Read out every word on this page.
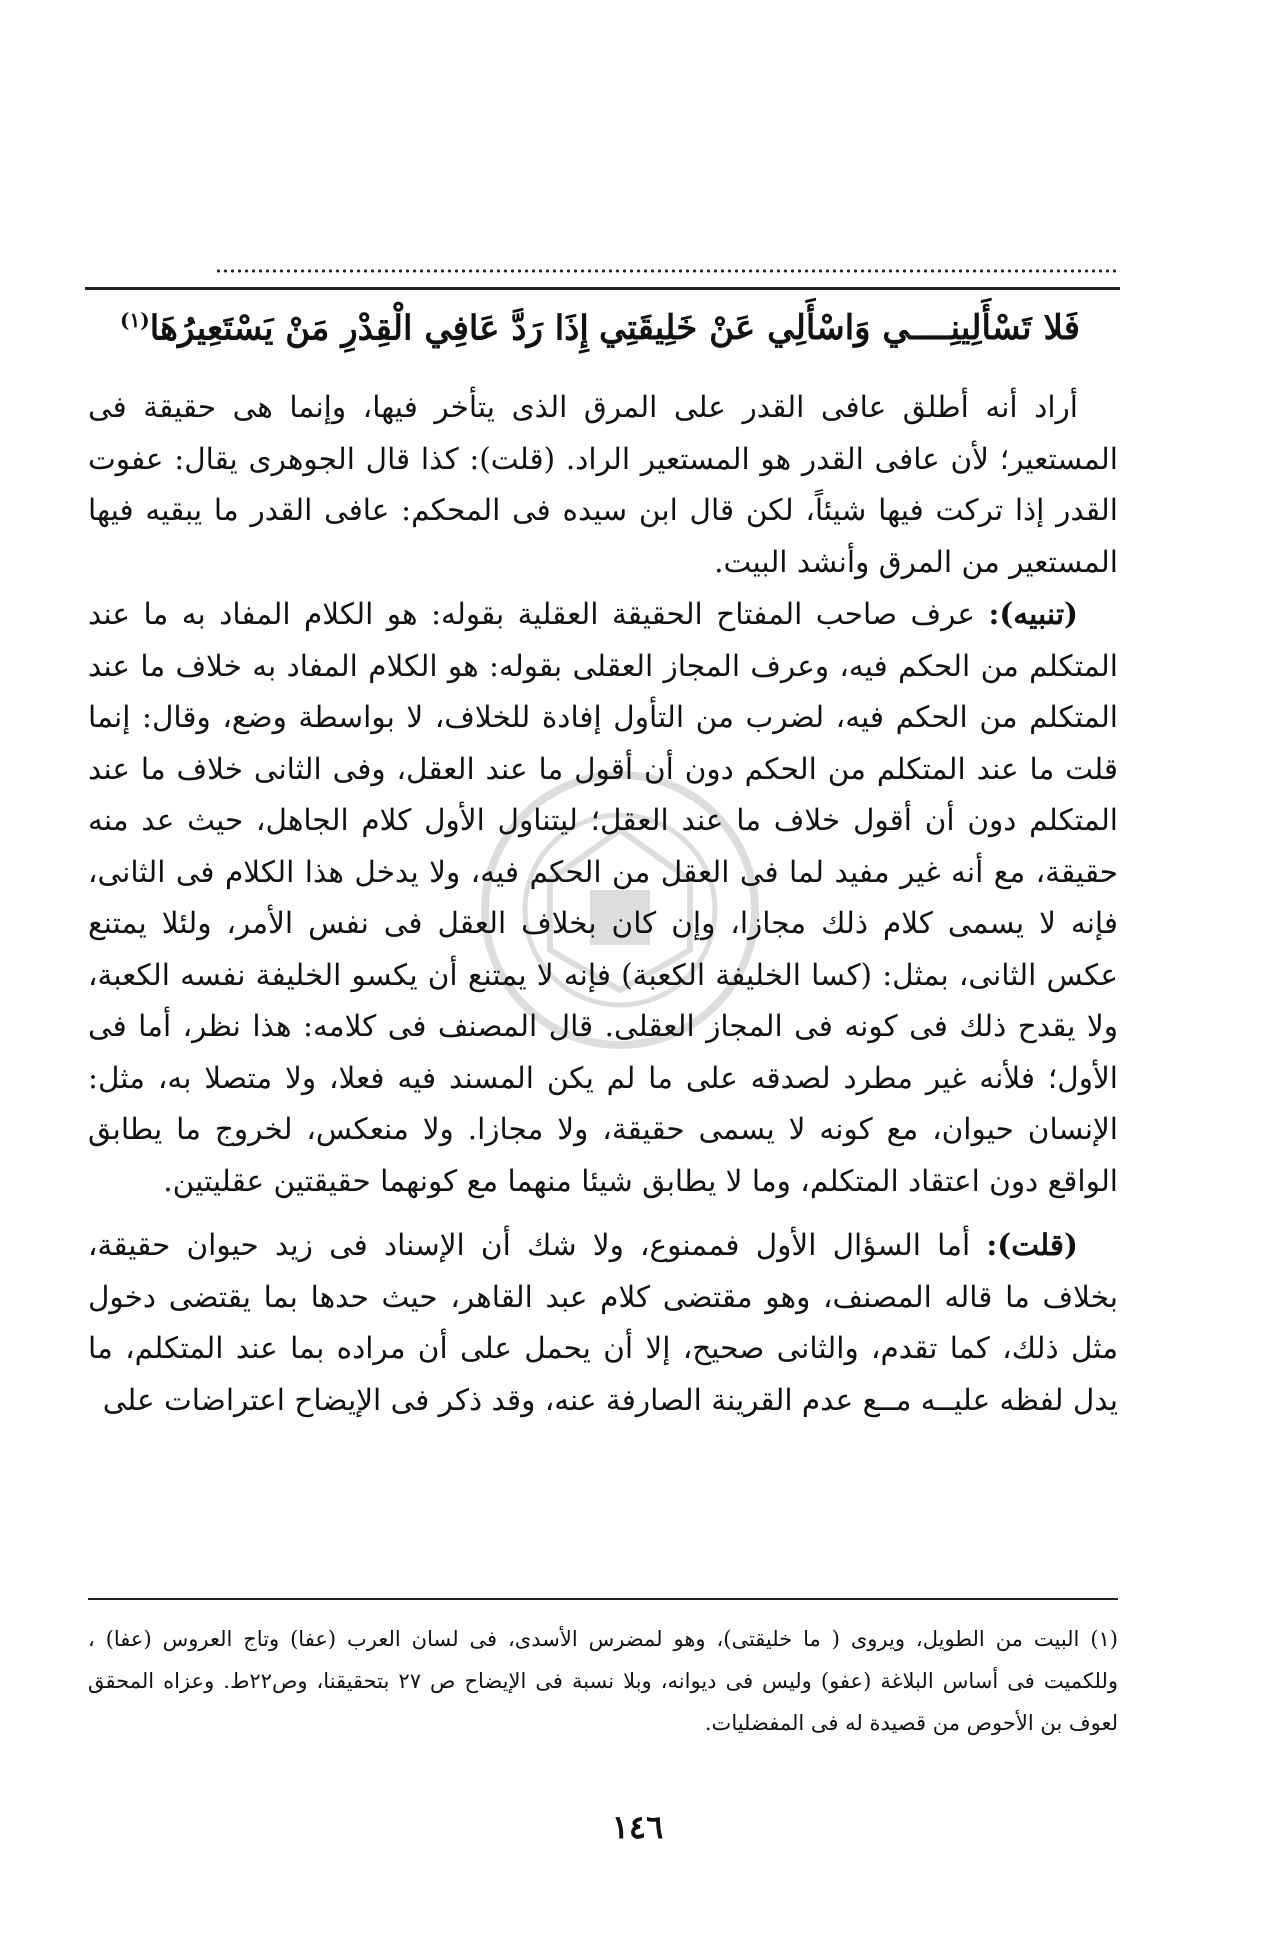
فَلا تَسْأَلِينِــــي وَاسْأَلِي عَنْ خَلِيقَتِي
إِذَا رَدَّ عَافِي الْقِدْرِ مَنْ يَسْتَعِيرُهَا$^{(١)}$

أراد أنه أطلق عافى القدر على المرق الذى يتأخر فيها، وإنما هى حقيقة فى المستعير؛ لأن عافى القدر هو المستعير الراد. (قلت): كذا قال الجوهرى يقال: عفوت القدر إذا تركت فيها شيئاً، لكن قال ابن سيده فى المحكم: عافى القدر ما يبقيه فيها المستعير من المرق وأنشد البيت.

(تنبيه): عرف صاحب المفتاح الحقيقة العقلية بقوله: هو الكلام المفاد به ما عند المتكلم من الحكم فيه، وعرف المجاز العقلى بقوله: هو الكلام المفاد به خلاف ما عند المتكلم من الحكم فيه، لضرب من التأول إفادة للخلاف، لا بواسطة وضع، وقال: إنما قلت ما عند المتكلم من الحكم دون أن أقول ما عند العقل، وفى الثانى خلاف ما عند المتكلم دون أن أقول خلاف ما عند العقل؛ ليتناول الأول كلام الجاهل، حيث عد منه حقيقة، مع أنه غير مفيد لما فى العقل من الحكم فيه، ولا يدخل هذا الكلام فى الثانى، فإنه لا يسمى كلام ذلك مجازا، وإن كان بخلاف العقل فى نفس الأمر، ولئلا يمتنع عكس الثانى، بمثل: (كسا الخليفة الكعبة) فإنه لا يمتنع أن يكسو الخليفة نفسه الكعبة، ولا يقدح ذلك فى كونه فى المجاز العقلى. قال المصنف فى كلامه: هذا نظر، أما فى الأول؛ فلأنه غير مطرد لصدقه على ما لم يكن المسند فيه فعلا، ولا متصلا به، مثل: الإنسان حيوان، مع كونه لا يسمى حقيقة، ولا مجازا. ولا منعكس، لخروج ما يطابق الواقع دون اعتقاد المتكلم، وما لا يطابق شيئا منهما مع كونهما حقيقتين عقليتين.

(قلت): أما السؤال الأول فممنوع، ولا شك أن الإسناد فى زيد حيوان حقيقة، بخلاف ما قاله المصنف، وهو مقتضى كلام عبد القاهر، حيث حدها بما يقتضى دخول مثل ذلك، كما تقدم، والثانى صحيح، إلا أن يحمل على أن مراده بما عند المتكلم، ما يدل لفظه عليــه مــع عدم القرينة الصارفة عنه، وقد ذكر فى الإيضاح اعتراضات على

(١) البيت من الطويل، ويروى ( ما خليقتى)، وهو لمضرس الأسدى، فى لسان العرب (عفا) وتاج العروس (عفا) ، وللكميت فى أساس البلاغة (عفو) وليس فى ديوانه، وبلا نسبة فى الإيضاح ص ٢٧ بتحقيقنا، وص٢٢ط. وعزاه المحقق لعوف بن الأحوص من قصيدة له فى المفضليات.

١٤٦
